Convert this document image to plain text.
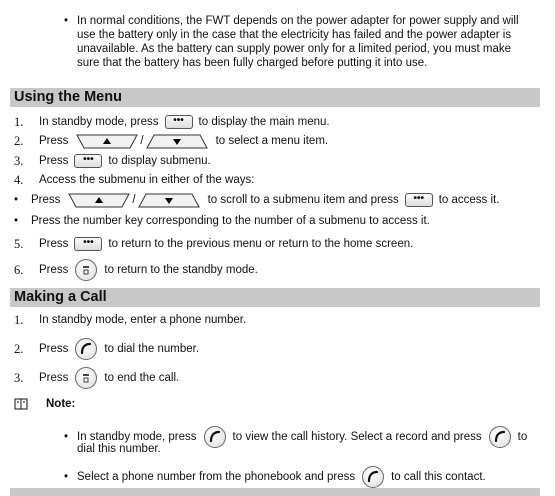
• In normal conditions, the FWT depends on the power adapter for power supply and will
use the battery only in the case that the electricity has failed and the power adapter is
unavailable. As the battery can supply power only for a limited period, you must make
sure that the battery has been fully charged before putting it into use.
Using the Menu
1.	In standby mode, press	•••	to display the main menu.
2.	Press	/	to select a menu item.
3.	Press	•••	to display submenu.
4.	Access the submenu in either of the ways:
•	Press	/	to scroll to a submenu item and press	•••	to access it.
•	Press the number key corresponding to the number of a submenu to access it.
5.	Press	•••	to return to the previous menu or return to the home screen.
6.	Press	to return to the standby mode.
Making a Call
1.	In standby mode, enter a phone number.
2.	Press	to dial the number.
3.	Press	to end the call.
Note:
• In standby mode, press	to view the call history. Select a record and press	to
dial this number.
• Select a phone number from the phonebook and press	to call this contact.
